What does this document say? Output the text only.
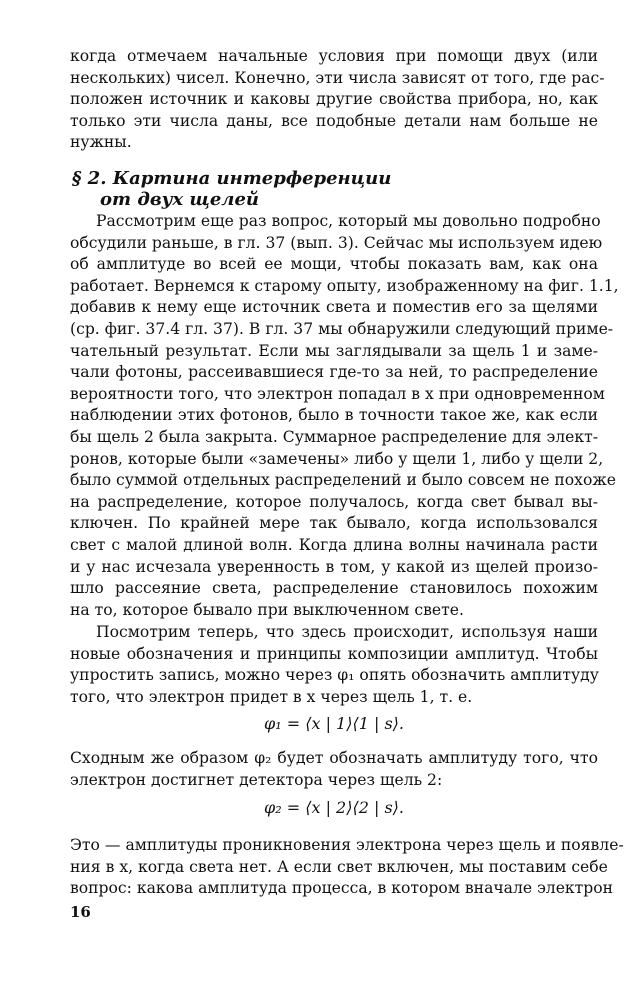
когда отмечаем начальные условия при помощи двух (или
нескольких) чисел. Конечно, эти числа зависят от того, где рас-
положен источник и каковы другие свойства прибора, но, как
только эти числа даны, все подобные детали нам больше не
нужны.
§ 2. Картина интерференции
от двух щелей
Рассмотрим еще раз вопрос, который мы довольно подробно
обсудили раньше, в гл. 37 (вып. 3). Сейчас мы используем идею
об амплитуде во всей ее мощи, чтобы показать вам, как она
работает. Вернемся к старому опыту, изображенному на фиг. 1.1,
добавив к нему еще источник света и поместив его за щелями
(ср. фиг. 37.4 гл. 37). В гл. 37 мы обнаружили следующий приме-
чательный результат. Если мы заглядывали за щель 1 и заме-
чали фотоны, рассеивавшиеся где-то за ней, то распределение
вероятности того, что электрон попадал в x при одновременном
наблюдении этих фотонов, было в точности такое же, как если
бы щель 2 была закрыта. Суммарное распределение для элект-
ронов, которые были «замечены» либо у щели 1, либо у щели 2,
было суммой отдельных распределений и было совсем не похоже
на распределение, которое получалось, когда свет бывал вы-
ключен. По крайней мере так бывало, когда использовался
свет с малой длиной волн. Когда длина волны начинала расти
и у нас исчезала уверенность в том, у какой из щелей произо-
шло рассеяние света, распределение становилось похожим
на то, которое бывало при выключенном свете.
Посмотрим теперь, что здесь происходит, используя наши
новые обозначения и принципы композиции амплитуд. Чтобы
упростить запись, можно через φ₁ опять обозначить амплитуду
того, что электрон придет в x через щель 1, т. е.
φ₁ = ⟨x | 1⟩⟨1 | s⟩.
Сходным же образом φ₂ будет обозначать амплитуду того, что
электрон достигнет детектора через щель 2:
φ₂ = ⟨x | 2⟩⟨2 | s⟩.
Это — амплитуды проникновения электрона через щель и появле-
ния в x, когда света нет. А если свет включен, мы поставим себе
вопрос: какова амплитуда процесса, в котором вначале электрон
16
